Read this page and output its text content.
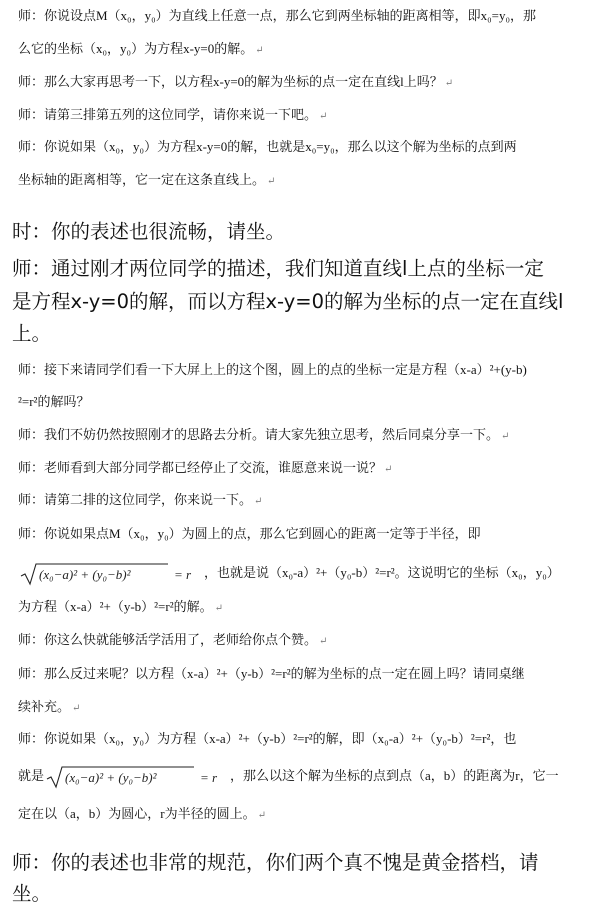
师：你说设点M（x₀，y₀）为直线上任意一点，那么它到两坐标轴的距离相等，即x₀=y₀，那
么它的坐标（x₀，y₀）为方程x-y=0的解。 ↵
师：那么大家再思考一下，以方程x-y=0的解为坐标的点一定在直线l上吗？ ↵
师：请第三排第五列的这位同学，请你来说一下吧。 ↵
师：你说如果（x₀，y₀）为方程x-y=0的解，也就是x₀=y₀，那么以这个解为坐标的点到两
坐标轴的距离相等，它一定在这条直线上。 ↵
时：你的表述也很流畅，请坐。
师：通过刚才两位同学的描述，我们知道直线l上点的坐标一定
是方程x-y=0的解，而以方程x-y=0的解为坐标的点一定在直线l
上。
师：接下来请同学们看一下大屏上上的这个图，圆上的点的坐标一定是方程（x-a）²+(y-b)
²=r²的解吗？
师：我们不妨仍然按照刚才的思路去分析。请大家先独立思考，然后同桌分享一下。 ↵
师：老师看到大部分同学都已经停止了交流，谁愿意来说一说？ ↵
师：请第二排的这位同学，你来说一下。 ↵
师：你说如果点M（x₀，y₀）为圆上的点，那么它到圆心的距离一定等于半径，即
(x₀−a)² + (y₀−b)²	= r ，也就是说（x₀-a）²+（y₀-b）²=r²。这说明它的坐标（x₀，y₀）
为方程（x-a）²+（y-b）²=r²的解。 ↵
师：你这么快就能够活学活用了，老师给你点个赞。 ↵
师：那么反过来呢？以方程（x-a）²+（y-b）²=r²的解为坐标的点一定在圆上吗？请同桌继
续补充。 ↵
师：你说如果（x₀，y₀）为方程（x-a）²+（y-b）²=r²的解，即（x₀-a）²+（y₀-b）²=r²，也
就是 (x₀−a)² + (y₀−b)²	= r ，那么以这个解为坐标的点到点（a，b）的距离为r，它一
定在以（a，b）为圆心，r为半径的圆上。 ↵
师：你的表述也非常的规范，你们两个真不愧是黄金搭档，请
坐。
